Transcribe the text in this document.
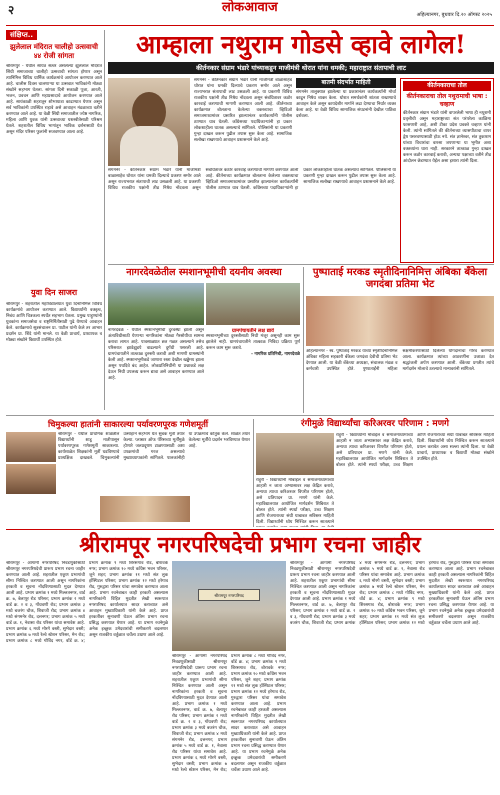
२	लोकआवाज	अहिल्यानगर, बुधवार दि.२० ऑगस्ट २०२५
संक्षिप्त..
झुलेलाल मंदिरात चालीहो उत्सवाची ४४ रोजी सांगता
श्रीरामपुर - येथील सायंत्र सत्वर असलेल्या झुलेलाल मंदिरात सिंधी समाजाच्या चालीहो उत्सवाची सांगता होणार असून त्यानिमित्त विविध धार्मिक कार्यक्रमांचे आयोजन करण्यात आले आहे. चालीस दिवस चालणाऱ्या या उत्सवात भाविकांनी मोठ्या संख्येने सहभाग घेतला. सांगता दिनी सकाळी पूजा, आरती, भजन, प्रवचन आणि महाप्रसादाचे आयोजन करण्यात आले आहे. सायंकाळी शहरातून शोभायात्रा काढण्यात येणार असून सर्व भाविकांनी उपस्थित राहावे असे आवाहन मंडळाच्या वतीने करण्यात आले आहे. या वेळी सिंधी समाजातील ज्येष्ठ नागरिक, महिला आणि युवक यांनी उत्सवाच्या यशस्वीतेसाठी परिश्रम घेतले. शहरातील विविध भागांतून भाविक दर्शनासाठी येत असून मंदिर परिसर फुलांनी सजवण्यात आला आहे.
युवा दिन साजरा
श्रीरामपुर - शहरातील महाविद्यालयात युवा दिनानिमित्त विविध कार्यक्रमांचे आयोजन करण्यात आले. विद्यार्थ्यांनी वक्तृत्व, निबंध आणि चित्रकला स्पर्धेत सहभाग घेतला. प्रमुख पाहुण्यांनी युवकांना समाजसेवा व राष्ट्रनिर्मितीसाठी पुढे येण्याचे आवाहन केले. कार्यक्रमाचे सूत्रसंचालन प्रा. पाटील यांनी केले तर आभार प्रदर्शन प्रा. शिंदे यांनी मानले. या वेळी प्राचार्य, प्राध्यापक व मोठ्या संख्येने विद्यार्थी उपस्थित होते.
आम्हाला नथुराम गोडसे व्हावे लागेल!
कीर्तनकार संग्राम भंडारे यांच्याकडून माजीमंत्री थोरात यांना धमकी; महाराष्ट्रात संतापाची लाट
संगमनेर - कीर्तनकार संग्राम भंडारे यांनी माजीमंत्री बाळासाहेब थोरात यांना धमकी दिल्याचे प्रकरण समोर आले असून राज्यभरात संतापाची लाट उसळली आहे. या प्रकरणी विविध राजकीय पक्षांनी तीव्र निषेध नोंदवला असून संबंधितावर कठोर कारवाई करण्याची मागणी करण्यात आली आहे. कीर्तनाच्या कार्यक्रमात बोलताना केलेल्या वक्तव्याचा व्हिडिओ समाजमाध्यमांवर प्रसारित झाल्यानंतर कार्यकर्त्यांनी पोलीस ठाण्यात धाव घेतली. काँग्रेसच्या पदाधिकाऱ्यांनी हा प्रकार लोकशाहीला घातक असल्याचे सांगितले. पोलिसांनी या प्रकरणी गुन्हा दाखल करून पुढील तपास सुरू केला आहे. सामाजिक सलोखा राखण्याचे आवाहन प्रशासनाने केले आहे.
बातमी संदर्भात माहिती
संगमनेर तालुक्यात झालेल्या या प्रकारानंतर कार्यकर्त्यांनी मोर्चा काढून निषेध व्यक्त केला. थोरात समर्थकांनी शांतता राखण्याचे आवाहन केले असून कायदेशीर मार्गाने लढा देण्याचा निर्धार व्यक्त केला आहे. या वेळी विविध सामाजिक संघटनांनी देखील पाठिंबा दर्शवला.
कीर्तनकाराचा तोल
कीर्तनकाराचा तोल नथुरामाची भाषा : चव्हाण
कीर्तनकार संग्राम भंडारे यांनी वापरलेली भाषा ही नथुरामी प्रवृत्तीची असून महाराष्ट्राच्या संत परंपरेला काळिमा फासणारी आहे, अशी टीका प्रदेश प्रवक्ते चव्हाण यांनी केली. त्यांनी सांगितले की कीर्तनाच्या व्यासपीठाचा वापर द्वेष पसरवण्यासाठी होऊ नये. संत ज्ञानेश्वर, संत तुकाराम यांच्या विचारांचा वारसा जपणाऱ्या या भूमीत अशा वक्तव्यांना थारा नाही. सरकारने तात्काळ गुन्हा दाखल करून कठोर कारवाई करावी, अन्यथा पक्षाच्या वतीने तीव्र आंदोलन छेडण्यात येईल असा इशारा त्यांनी दिला.
संगमनेर - कीर्तनकार संग्राम भंडारे यांनी माजीमंत्री बाळासाहेब थोरात यांना धमकी दिल्याचे प्रकरण समोर आले असून राज्यभरात संतापाची लाट उसळली आहे. या प्रकरणी विविध राजकीय पक्षांनी तीव्र निषेध नोंदवला असून संबंधितावर कठोर कारवाई करण्याची मागणी करण्यात आली आहे. कीर्तनाच्या कार्यक्रमात बोलताना केलेल्या वक्तव्याचा व्हिडिओ समाजमाध्यमांवर प्रसारित झाल्यानंतर कार्यकर्त्यांनी पोलीस ठाण्यात धाव घेतली. काँग्रेसच्या पदाधिकाऱ्यांनी हा प्रकार लोकशाहीला घातक असल्याचे सांगितले. पोलिसांनी या प्रकरणी गुन्हा दाखल करून पुढील तपास सुरू केला आहे. सामाजिक सलोखा राखण्याचे आवाहन प्रशासनाने केले आहे.
नागरदेवळेतील स्मशानभूमीची दयनीय अवस्था
नागरदेवळे - येथील स्मशानभूमीची दुरवस्था झाली असून अंत्यविधीसाठी येणाऱ्या नागरिकांना मोठ्या गैरसोयीचा सामना करावा लागत आहे. पावसाळ्यात छत गळत असल्याने तसेच परिसरात झाडेझुडपे वाढल्याने दुर्गंधी पसरली आहे. ग्रामपंचायतीने तात्काळ दुरुस्ती करावी अशी मागणी ग्रामस्थांनी केली आहे. स्मशानभूमीकडे जाणारा रस्ता देखील खड्डेमय झाला असून पथदिवे बंद आहेत. लोकप्रतिनिधींनी या प्रश्नाकडे लक्ष देऊन निधी उपलब्ध करून द्यावा असे आवाहन करण्यात आले आहे.
ग्रामपंचायतीने लक्ष द्यावे
स्मशानभूमीच्या दुरुस्तीसाठी निधी मंजूर असूनही काम सुरू झालेले नाही. ग्रामपंचायतीने तात्काळ निविदा प्रक्रिया पूर्ण करून काम सुरू करावे.
- नागरिक प्रतिनिधी, नागरदेवळे
पुष्पाताई मरकड स्मृतीदिनानिमित्त अंबिका बँकेला जगदंबा प्रतिमा भेट
अहिल्यानगर - स्व. पुष्पाताई मरकड यांच्या स्मृतीदिनानिमित्त अंबिका महिला सहकारी बँकेला जगदंबा देवीची प्रतिमा भेट देण्यात आली. या वेळी बँकेच्या अध्यक्षा, संचालक मंडळ व कर्मचारी उपस्थित होते. पुष्पाताईंनी महिला सक्षमीकरणासाठी दिलेल्या योगदानाचा गौरव करण्यात आला. कार्यक्रमात त्यांच्या आठवणींना उजाळा देत श्रद्धांजली अर्पण करण्यात आली. बँकेच्या प्रगतीत त्यांचे मार्गदर्शन मोलाचे ठरल्याचे मान्यवरांनी सांगितले.
चिमुकल्या हातांनी साकारल्या पर्यावरणपूरक गणेशमूर्ती
श्रीरामपुर - येथील प्राथमिक शाळेतील विद्यार्थ्यांनी शाडू मातीपासून पर्यावरणपूरक गणेशमूर्ती साकारल्या. कार्यशाळेत शिक्षकांनी मूर्ती घडविण्याचे प्रात्यक्षिक दाखवले. चिमुकल्यांनी उत्साहाने सहभाग घेत सुबक मूर्ती तयार केल्या. प्लास्टर ऑफ पॅरिसच्या मूर्तींमुळे होणारे जलप्रदूषण टाळण्यासाठी अशा उपक्रमांची गरज असल्याचे मुख्याध्यापकांनी सांगितले. पालकांनीही या उपक्रमाचे कौतुक केले. शाळेत तयार केलेल्या मूर्तींचे प्रदर्शन भरविण्यात येणार आहे.
रंगीमुळे विद्यार्थ्यांचा करिअरवर परिणाम : मणगे
राहुरी - विद्यार्थ्यांनी मोबाईल व समाजमाध्यमांच्या आहारी न जाता अभ्यासावर लक्ष केंद्रित करावे, अन्यथा त्याचा करिअरवर विपरीत परिणाम होतो, असे प्रतिपादन प्रा. मणगे यांनी केले. महाविद्यालयात आयोजित मार्गदर्शन शिबिरात ते बोलत होते. त्यांनी स्पर्धा परीक्षा, उच्च शिक्षण आणि रोजगाराच्या संधी याबाबत सविस्तर माहिती दिली. विद्यार्थ्यांनी ध्येय निश्चित करून सातत्याने प्रयत्न करावेत असा सल्ला त्यांनी दिला. या वेळी प्राचार्य, प्राध्यापक व विद्यार्थी मोठ्या संख्येने उपस्थित होते.
राहुरी - विद्यार्थ्यांनी मोबाईल व समाजमाध्यमांच्या आहारी न जाता अभ्यासावर लक्ष केंद्रित करावे, अन्यथा त्याचा करिअरवर विपरीत परिणाम होतो, असे प्रतिपादन प्रा. मणगे यांनी केले. महाविद्यालयात आयोजित मार्गदर्शन शिबिरात ते बोलत होते. त्यांनी स्पर्धा परीक्षा, उच्च शिक्षण आणि रोजगाराच्या संधी याबाबत सविस्तर माहिती दिली. विद्यार्थ्यांनी ध्येय निश्चित करून सातत्याने
श्रीरामपूर नगरपरिषदेची प्रभाग रचना जाहीर
श्रीरामपूर - आगामी नगरपरिषद निवडणुकीसाठी श्रीरामपूर नगरपरिषदेची प्रारूप प्रभाग रचना जाहीर करण्यात आली आहे. शहरातील एकूण प्रभागांची सीमा निश्चित करण्यात आली असून नागरिकांना हरकती व सूचना नोंदविण्यासाठी मुदत देण्यात आली आहे. प्रभाग क्रमांक १ मध्ये मिल्लतनगर, वार्ड क्र. ७, बेलापूर रोड परिसर; प्रभाग क्रमांक २ मध्ये वार्ड क्र. २ व ३, गोंधवणी रोड; प्रभाग क्रमांक ३ मध्ये बजरंग चौक, शिवाजी रोड; प्रभाग क्रमांक ४ मध्ये संगमनेर रोड, दत्तनगर; प्रभाग क्रमांक ५ मध्ये वार्ड क्र. १, नेवासा रोड परिसर यांचा समावेश आहे. प्रभाग क्रमांक ६ मध्ये मोरगे वस्ती, सुभेदार वस्ती; प्रभाग क्रमांक ७ मध्ये रेल्वे स्टेशन परिसर, मेन रोड; प्रभाग क्रमांक ८ मध्ये गोविंद नगर, वॉर्ड क्र. ४; प्रभाग क्रमांक ९ मध्ये शिरसगाव रोड, बोरावके नगर; प्रभाग क्रमांक १० मध्ये काँग्रेस भवन परिसर, जुने शहर; प्रभाग क्रमांक ११ मध्ये संत लुक हॉस्पिटल परिसर; प्रभाग क्रमांक १२ मध्ये हरेगाव रोड, गुरुद्वारा परिसर यांचा समावेश करण्यात आला आहे. प्रभाग रचनेबाबत काही हरकती असल्यास नागरिकांनी विहित मुदतीत लेखी स्वरूपात नगरपरिषद कार्यालयात सादर कराव्यात असे आवाहन मुख्याधिकारी यांनी केले आहे. प्राप्त हरकतींवर सुनावणी घेऊन अंतिम प्रभाग रचना प्रसिद्ध करण्यात येणार आहे. या प्रभाग रचनेमुळे अनेक इच्छुक उमेदवारांची समीकरणे बदलणार असून राजकीय वर्तुळात चर्चेला उधाण आले आहे.
श्रीरामपूर नगरपरिषद
श्रीरामपूर - आगामी नगरपरिषद निवडणुकीसाठी श्रीरामपूर नगरपरिषदेची प्रारूप प्रभाग रचना जाहीर करण्यात आली आहे. शहरातील एकूण प्रभागांची सीमा निश्चित करण्यात आली असून नागरिकांना हरकती व सूचना नोंदविण्यासाठी मुदत देण्यात आली आहे. प्रभाग क्रमांक १ मध्ये मिल्लतनगर, वार्ड क्र. ७, बेलापूर रोड परिसर; प्रभाग क्रमांक २ मध्ये वार्ड क्र. २ व ३, गोंधवणी रोड; प्रभाग क्रमांक ३ मध्ये बजरंग चौक, शिवाजी रोड; प्रभाग क्रमांक ४ मध्ये संगमनेर रोड, दत्तनगर; प्रभाग क्रमांक ५ मध्ये वार्ड क्र. १, नेवासा रोड परिसर यांचा समावेश आहे. प्रभाग क्रमांक ६ मध्ये मोरगे वस्ती, सुभेदार वस्ती; प्रभाग क्रमांक ७ मध्ये रेल्वे स्टेशन परिसर, मेन रोड; प्रभाग क्रमांक ८ मध्ये गोविंद नगर, वॉर्ड क्र. ४; प्रभाग क्रमांक ९ मध्ये शिरसगाव रोड, बोरावके नगर; प्रभाग क्रमांक १० मध्ये काँग्रेस भवन परिसर, जुने शहर; प्रभाग क्रमांक ११ मध्ये संत लुक हॉस्पिटल परिसर; प्रभाग क्रमांक १२ मध्ये हरेगाव रोड, गुरुद्वारा परिसर यांचा समावेश करण्यात आला आहे. प्रभाग रचनेबाबत काही हरकती असल्यास नागरिकांनी विहित मुदतीत लेखी स्वरूपात नगरपरिषद कार्यालयात सादर कराव्यात असे आवाहन मुख्याधिकारी यांनी केले आहे. प्राप्त हरकतींवर सुनावणी घेऊन अंतिम प्रभाग रचना प्रसिद्ध करण्यात येणार आहे. या प्रभाग रचनेमुळे अनेक इच्छुक उमेदवारांची समीकरणे बदलणार असून राजकीय वर्तुळात चर्चेला उधाण आले आहे.
श्रीरामपूर - आगामी नगरपरिषद निवडणुकीसाठी श्रीरामपूर नगरपरिषदेची प्रारूप प्रभाग रचना जाहीर करण्यात आली आहे. शहरातील एकूण प्रभागांची सीमा निश्चित करण्यात आली असून नागरिकांना हरकती व सूचना नोंदविण्यासाठी मुदत देण्यात आली आहे. प्रभाग क्रमांक १ मध्ये मिल्लतनगर, वार्ड क्र. ७, बेलापूर रोड परिसर; प्रभाग क्रमांक २ मध्ये वार्ड क्र. २ व ३, गोंधवणी रोड; प्रभाग क्रमांक ३ मध्ये बजरंग चौक, शिवाजी रोड; प्रभाग क्रमांक ४ मध्ये संगमनेर रोड, दत्तनगर; प्रभाग क्रमांक ५ मध्ये वार्ड क्र. १, नेवासा रोड परिसर यांचा समावेश आहे. प्रभाग क्रमांक ६ मध्ये मोरगे वस्ती, सुभेदार वस्ती; प्रभाग क्रमांक ७ मध्ये रेल्वे स्टेशन परिसर, मेन रोड; प्रभाग क्रमांक ८ मध्ये गोविंद नगर, वॉर्ड क्र. ४; प्रभाग क्रमांक ९ मध्ये शिरसगाव रोड, बोरावके नगर; प्रभाग क्रमांक १० मध्ये काँग्रेस भवन परिसर, जुने शहर; प्रभाग क्रमांक ११ मध्ये संत लुक हॉस्पिटल परिसर; प्रभाग क्रमांक १२ मध्ये हरेगाव रोड, गुरुद्वारा परिसर यांचा समावेश करण्यात आला आहे. प्रभाग रचनेबाबत काही हरकती असल्यास नागरिकांनी विहित मुदतीत लेखी स्वरूपात नगरपरिषद कार्यालयात सादर कराव्यात असे आवाहन मुख्याधिकारी यांनी केले आहे. प्राप्त हरकतींवर सुनावणी घेऊन अंतिम प्रभाग रचना प्रसिद्ध करण्यात येणार आहे. या प्रभाग रचनेमुळे अनेक इच्छुक उमेदवारांची समीकरणे बदलणार असून राजकीय वर्तुळात चर्चेला उधाण आले आहे.
